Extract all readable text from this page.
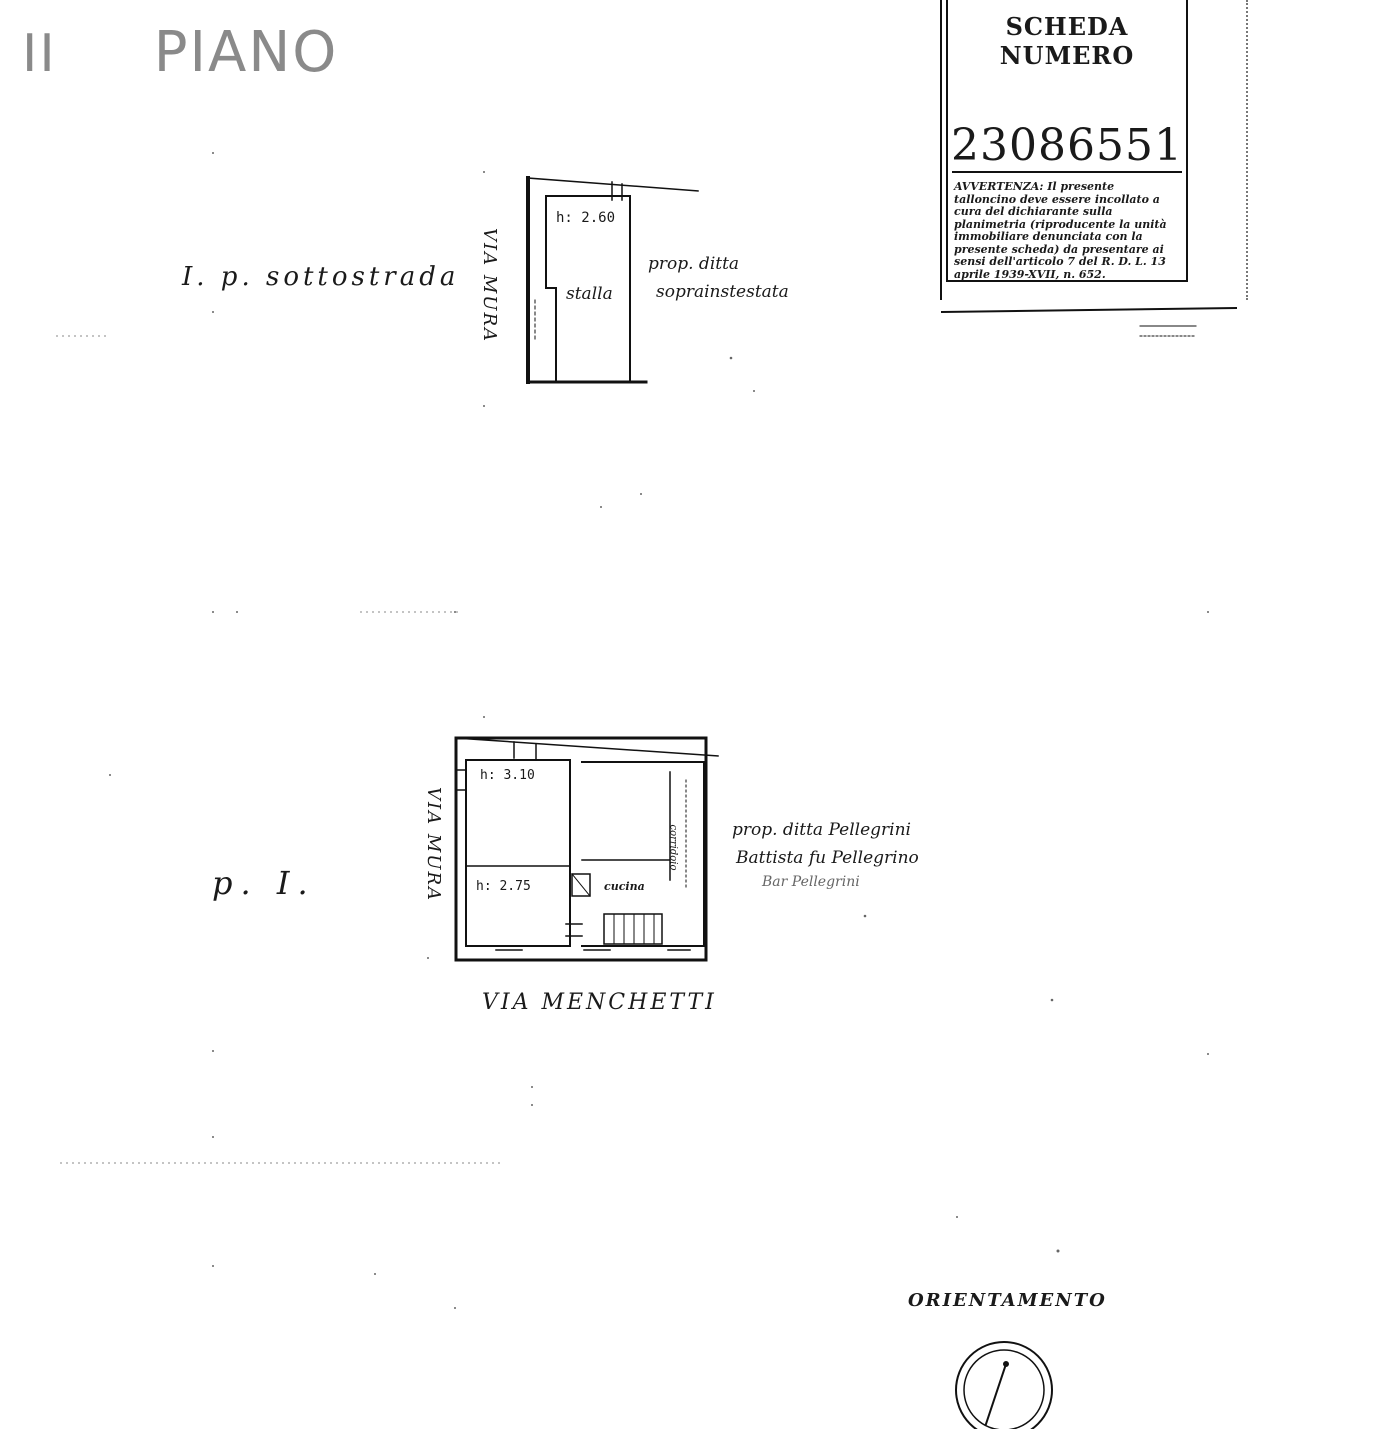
II PIANO	SCHEDA NUMERO
23086551
AVVERTENZA: Il presente talloncino deve essere incollato a cura del dichiarante sulla planimetria (riproducente la unità immobiliare denunciata con la presente scheda) da presentare ai sensi dell'articolo 7 del R. D. L. 13 aprile 1939-XVII, n. 652.
I. p. sottostrada VIA MURA
h: 2.60
stalla
prop. ditta
soprainstestata
p. I.	VIA MURA
VIA MENCHETTI
h: 3.10
h: 2.75	cucina
corridoio	prop. ditta Pellegrini
Battista fu Pellegrino
Bar Pellegrini
ORIENTAMENTO
